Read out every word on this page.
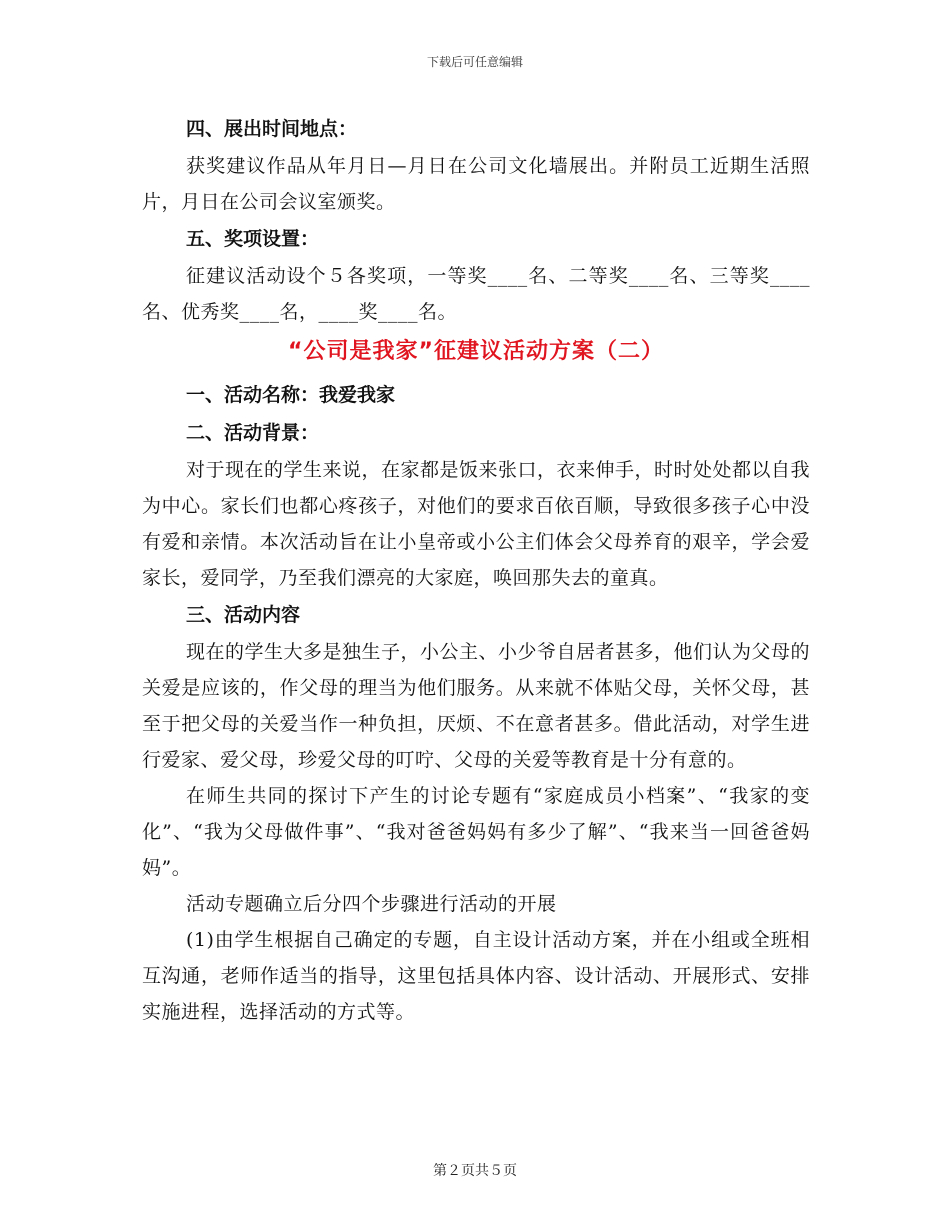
下载后可任意编辑

四、展出时间地点：

获奖建议作品从年月日—月日在公司文化墙展出。并附员工近期生活照片，月日在公司会议室颁奖。

五、奖项设置：

征建议活动设个５各奖项，一等奖____名、二等奖____名、三等奖____名、优秀奖____名，____奖____名。

“公司是我家”征建议活动方案（二）

一、活动名称：我爱我家

二、活动背景：

对于现在的学生来说，在家都是饭来张口，衣来伸手，时时处处都以自我为中心。家长们也都心疼孩子，对他们的要求百依百顺，导致很多孩子心中没有爱和亲情。本次活动旨在让小皇帝或小公主们体会父母养育的艰辛，学会爱家长，爱同学，乃至我们漂亮的大家庭，唤回那失去的童真。

三、活动内容

现在的学生大多是独生子，小公主、小少爷自居者甚多，他们认为父母的关爱是应该的，作父母的理当为他们服务。从来就不体贴父母，关怀父母，甚至于把父母的关爱当作一种负担，厌烦、不在意者甚多。借此活动，对学生进行爱家、爱父母，珍爱父母的叮咛、父母的关爱等教育是十分有意的。

在师生共同的探讨下产生的讨论专题有“家庭成员小档案”、“我家的变化”、“我为父母做件事”、“我对爸爸妈妈有多少了解”、“我来当一回爸爸妈妈”。

活动专题确立后分四个步骤进行活动的开展

(1)由学生根据自己确定的专题，自主设计活动方案，并在小组或全班相互沟通，老师作适当的指导，这里包括具体内容、设计活动、开展形式、安排实施进程，选择活动的方式等。

第２页共５页
